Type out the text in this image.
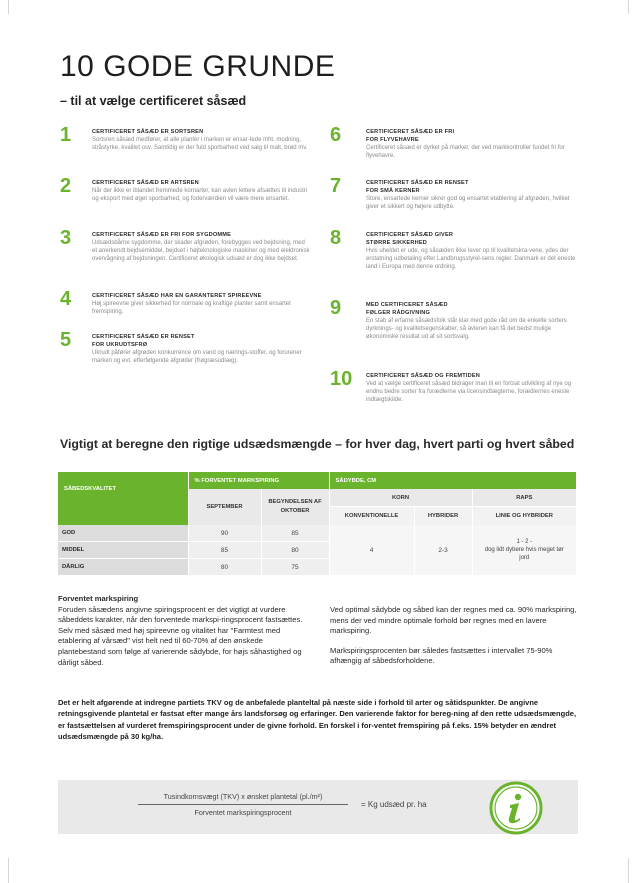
10 GODE GRUNDE
– til at vælge certificeret såsæd
1	CERTIFICERET SÅSÆD ER SORTSREN
Sortsren såsæd medfører, at alle planter i marken er ensar-tede mht. modning, stråstyrke, kvalitet osv. Samtidig er der fuld sporbarhed ved salg til malt, brød mv.
2	CERTIFICERET SÅSÆD ER ARTSREN
Når der ikke er iblandet fremmede kornarter, kan avlen lettere afsættes til industri og eksport med øget sporbarhed, og foderværdien vil være mere ensartet.
3	CERTIFICERET SÅSÆD ER FRI FOR SYGDOMME
Udsædsbårne sygdomme, der skader afgrøden, forebygges ved bejdsning, med et anerkendt bejdsemiddel, bejdset i højteknologiske maskiner og med elektronisk overvågning af bejdsningen. Certificeret økologisk udsæd er dog ikke bejdset.
4	CERTIFICERET SÅSÆD HAR EN GARANTERET SPIREEVNE
Høj spireevne giver sikkerhed for normale og kraftige planter samt ensartet fremspiring.
5	CERTIFICERET SÅSÆD ER RENSET
FOR UKRUDTSFRØ
Ukrudt påfører afgrøden konkurrence om vand og nærings-stoffer, og forurener marken og evt. efterfølgende afgrøder (frøgræsudlæg).
6	CERTIFICERET SÅSÆD ER FRI
FOR FLYVEHAVRE
Certificeret såsæd er dyrket på marker, der ved markkontroller fundet fri for flyvehavre.
7	CERTIFICERET SÅSÆD ER RENSET
FOR SMÅ KERNER
Store, ensartede kerner sikrer god og ensartet etablering af afgrøden, hvilket giver et sikkert og højere udbytte.
8	CERTIFICERET SÅSÆD GIVER
STØRRE SIKKERHED
Hvis uheldet er ude, og såsæden ikke lever op til kvalitetskra-vene, ydes der erstatning udbetaling efter Landbrugsstyrel-sens regler. Danmark er det eneste land i Europa med denne ordning.
9	MED CERTIFICERET SÅSÆD
FØLGER RÅDGIVNING
En stab af erfarne såsædsfolk står klar med gode råd om de enkelte sorters dyrknings- og kvalitetsegenskaber, så avleren kan få det bedst mulige økonomiske resultat ud af sit sortsvalg.
10 CERTIFICERET SÅSÆD OG FREMTIDEN
Ved at vælge certificeret såsæd bidrager man til en fortsat udvikling af nye og endnu bedre sorter fra forædlerne via licensindtægterne, forædlernes eneste indtægtskilde.
Vigtigt at beregne den rigtige udsædsmængde – for hver dag, hvert parti og hvert såbed
SÅBEDSKVALITET	% FORVENTET MARKSPIRING		SÅDYBDE, CM		
	SEPTEMBER	BEGYNDELSEN AF OKTOBER	KORN		RAPS
			KONVENTIONELLE	HYBRIDER	LINIE OG HYBRIDER
GOD	90	85	4	2-3	1 - 2 -
dog lidt dybere hvis meget tør jord

MIDDEL	85	80			
DÅRLIG	80	75			

Forventet markspiring

Foruden såsædens angivne spiringsprocent er det vigtigt at vurdere såbeddets karakter, når den forventede markspi-ringsprocent fastsættes. Selv med såsæd med høj spireevne og vitalitet har "Farmtest med etablering af vårsæd" vist helt ned til 60-70% af den ønskede plantebestand som følge af varierende sådybde, for højs såhastighed og dårligt såbed.

Ved optimal sådybde og såbed kan der regnes med ca. 90% markspiring, mens der ved mindre optimale forhold bør regnes med en lavere markspiring.

Markspiringsprocenten bør således fastsættes i intervallet 75-90% afhængig af såbedsforholdene.

Det er helt afgørende at indregne partiets TKV og de anbefalede planteltal på næste side i forhold til arter og såtidspunkter. De angivne retningsgivende plantetal er fastsat efter mange års landsforsøg og erfaringer. Den varierende faktor for bereg-ning af den rette udsædsmængde, er fastsættelsen af vurderet fremspiringsprocent under de givne forhold. En forskel i for-ventet fremspiring på f.eks. 15% betyder en ændret udsædsmængde på 30 kg/ha.
Tusindkornsvægt (TKV) x ønsket plantetal (pl./m²)
Forventet markspiringsprocent
= Kg udsæd pr. ha
